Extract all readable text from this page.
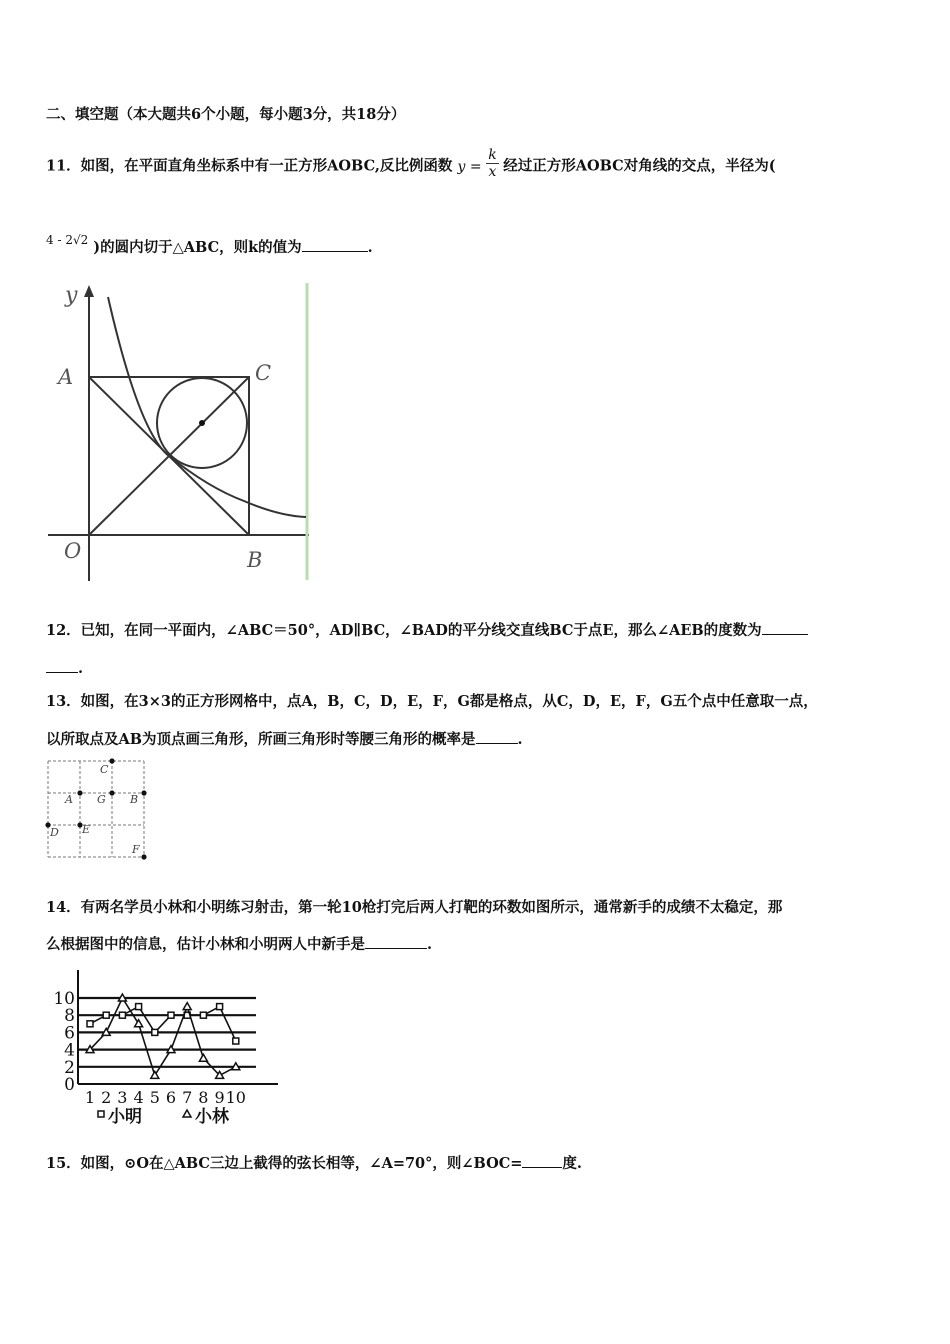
二、填空题（本大题共6个小题，每小题3分，共18分）
11．如图，在平面直角坐标系中有一正方形AOBC,反比例函数 $y = \frac{k}{x}$ 经过正方形AOBC对角线的交点，半径为(
$^{4 - 2√2}$ )的圆内切于△ABC，则k的值为	.
y
A	C
O	B
12．已知，在同一平面内，∠ABC＝50°，AD∥BC，∠BAD的平分线交直线BC于点E，那么∠AEB的度数为
.
13．如图，在3×3的正方形网格中，点A，B，C，D，E，F，G都是格点，从C，D，E，F，G五个点中任意取一点，
以所取点及AB为顶点画三角形，所画三角形时等腰三角形的概率是	.
C
A G B
D E
F
14．有两名学员小林和小明练习射击，第一轮10枪打完后两人打靶的环数如图所示，通常新手的成绩不太稳定，那
么根据图中的信息，估计小林和小明两人中新手是	.
0
2
4
6
8
10
1 2 3 4 5 6 7 8 9 10
小明	小林
15．如图，⊙O在△ABC三边上截得的弦长相等，∠A=70°，则∠BOC=	度.
